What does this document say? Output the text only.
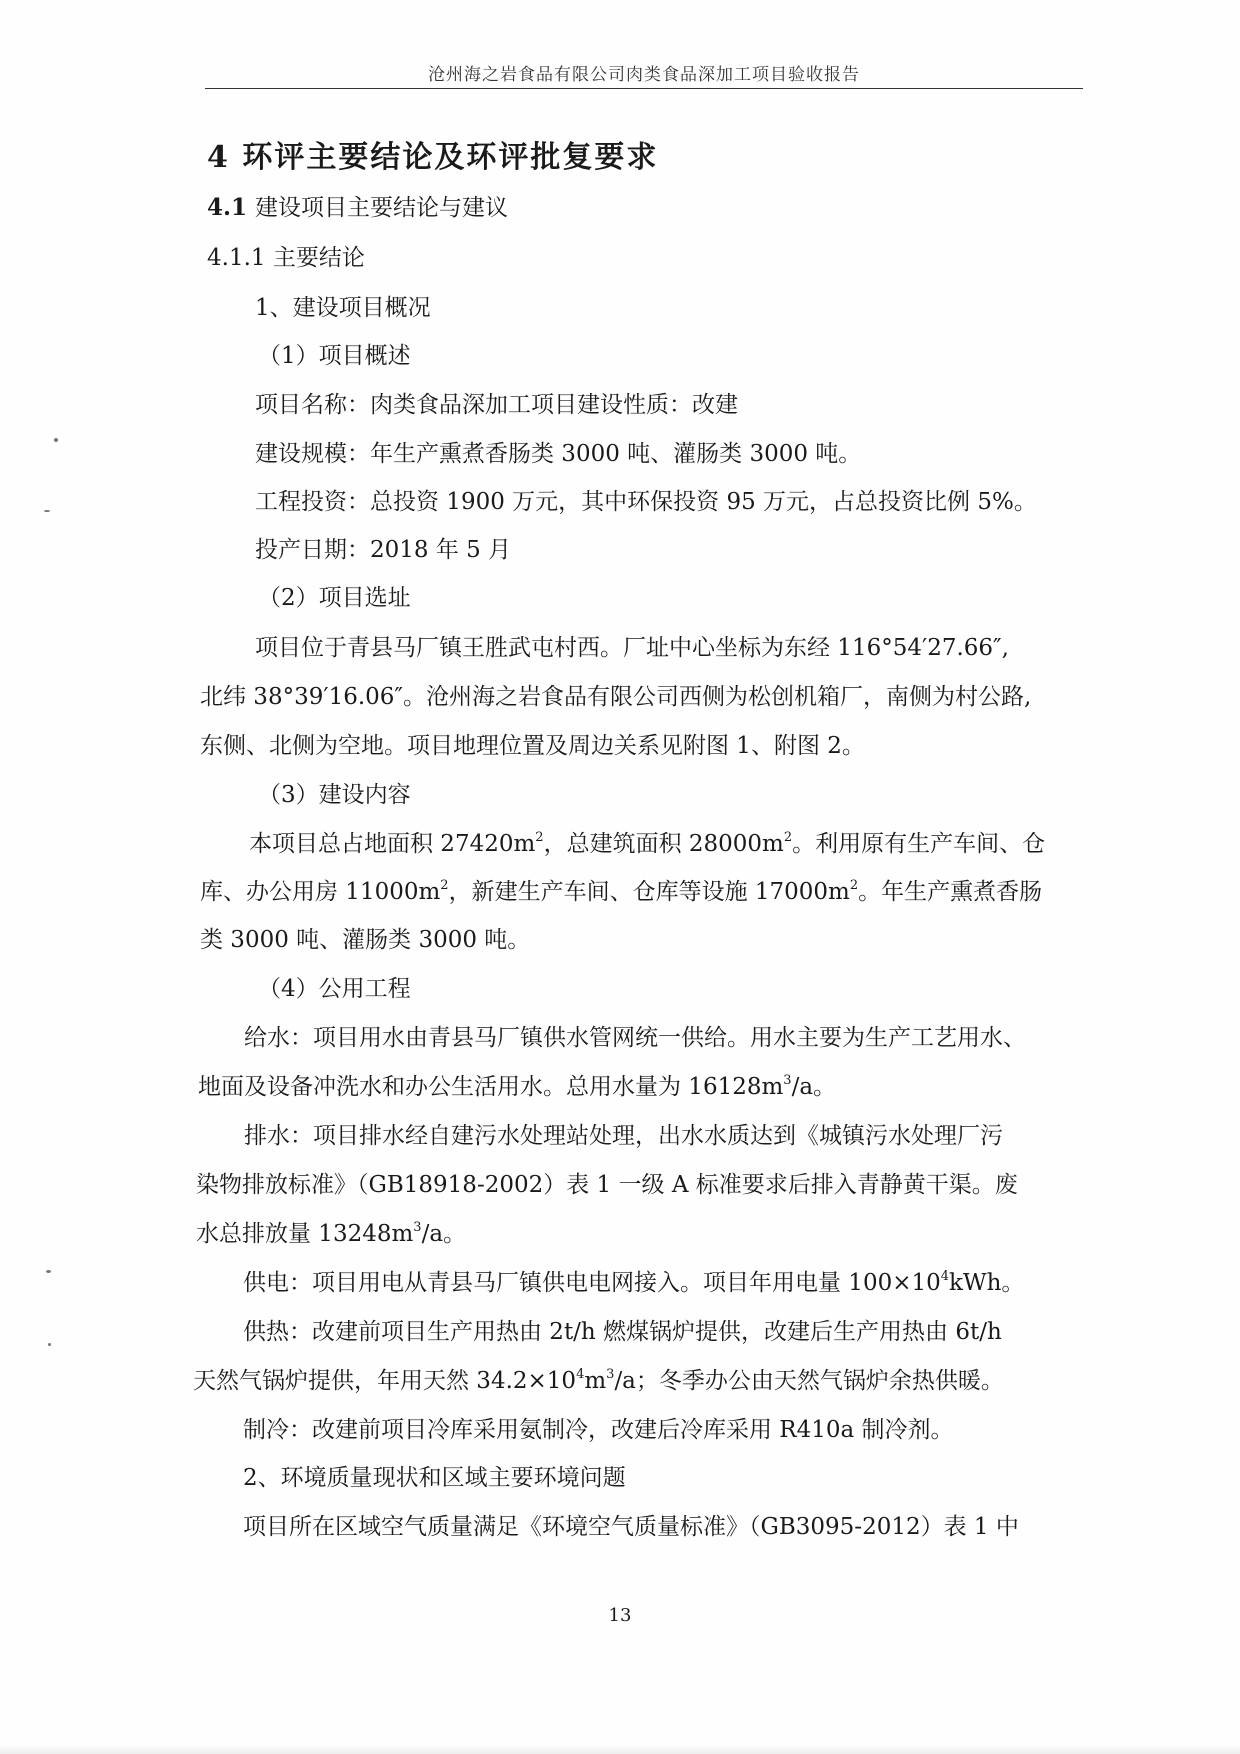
沧州海之岩食品有限公司肉类食品深加工项目验收报告
4 环评主要结论及环评批复要求
4.1 建设项目主要结论与建议
4.1.1 主要结论
1、建设项目概况
（1）项目概述
项目名称：肉类食品深加工项目建设性质：改建
建设规模：年生产熏煮香肠类 3000 吨、灌肠类 3000 吨。
工程投资：总投资 1900 万元，其中环保投资 95 万元，占总投资比例 5%。
投产日期：2018 年 5 月
（2）项目选址
项目位于青县马厂镇王胜武屯村西。厂址中心坐标为东经 116°54′27.66″,
北纬 38°39′16.06″。沧州海之岩食品有限公司西侧为松创机箱厂，南侧为村公路,
东侧、北侧为空地。项目地理位置及周边关系见附图 1、附图 2。
（3）建设内容
本项目总占地面积 $27420m^2$，总建筑面积 $28000m^2$。利用原有生产车间、仓
库、办公用房 $11000m^2$，新建生产车间、仓库等设施 $17000m^2$。年生产熏煮香肠
类 3000 吨、灌肠类 3000 吨。
（4）公用工程
给水：项目用水由青县马厂镇供水管网统一供给。用水主要为生产工艺用水、
地面及设备冲洗水和办公生活用水。总用水量为 $16128m^3/a$。
排水：项目排水经自建污水处理站处理，出水水质达到《城镇污水处理厂污
染物排放标准》（GB18918-2002）表 1 一级 A 标准要求后排入青静黄干渠。废
水总排放量 $13248m^3/a$。
供电：项目用电从青县马厂镇供电电网接入。项目年用电量 $100\times 10^4kWh$。
供热：改建前项目生产用热由 2t/h 燃煤锅炉提供，改建后生产用热由 6t/h
天然气锅炉提供，年用天然 $34.2\times 10^4m^3/a$；冬季办公由天然气锅炉余热供暖。
制冷：改建前项目冷库采用氨制冷，改建后冷库采用 R410a 制冷剂。
2、环境质量现状和区域主要环境问题
项目所在区域空气质量满足《环境空气质量标准》（GB3095-2012）表 1 中
13
